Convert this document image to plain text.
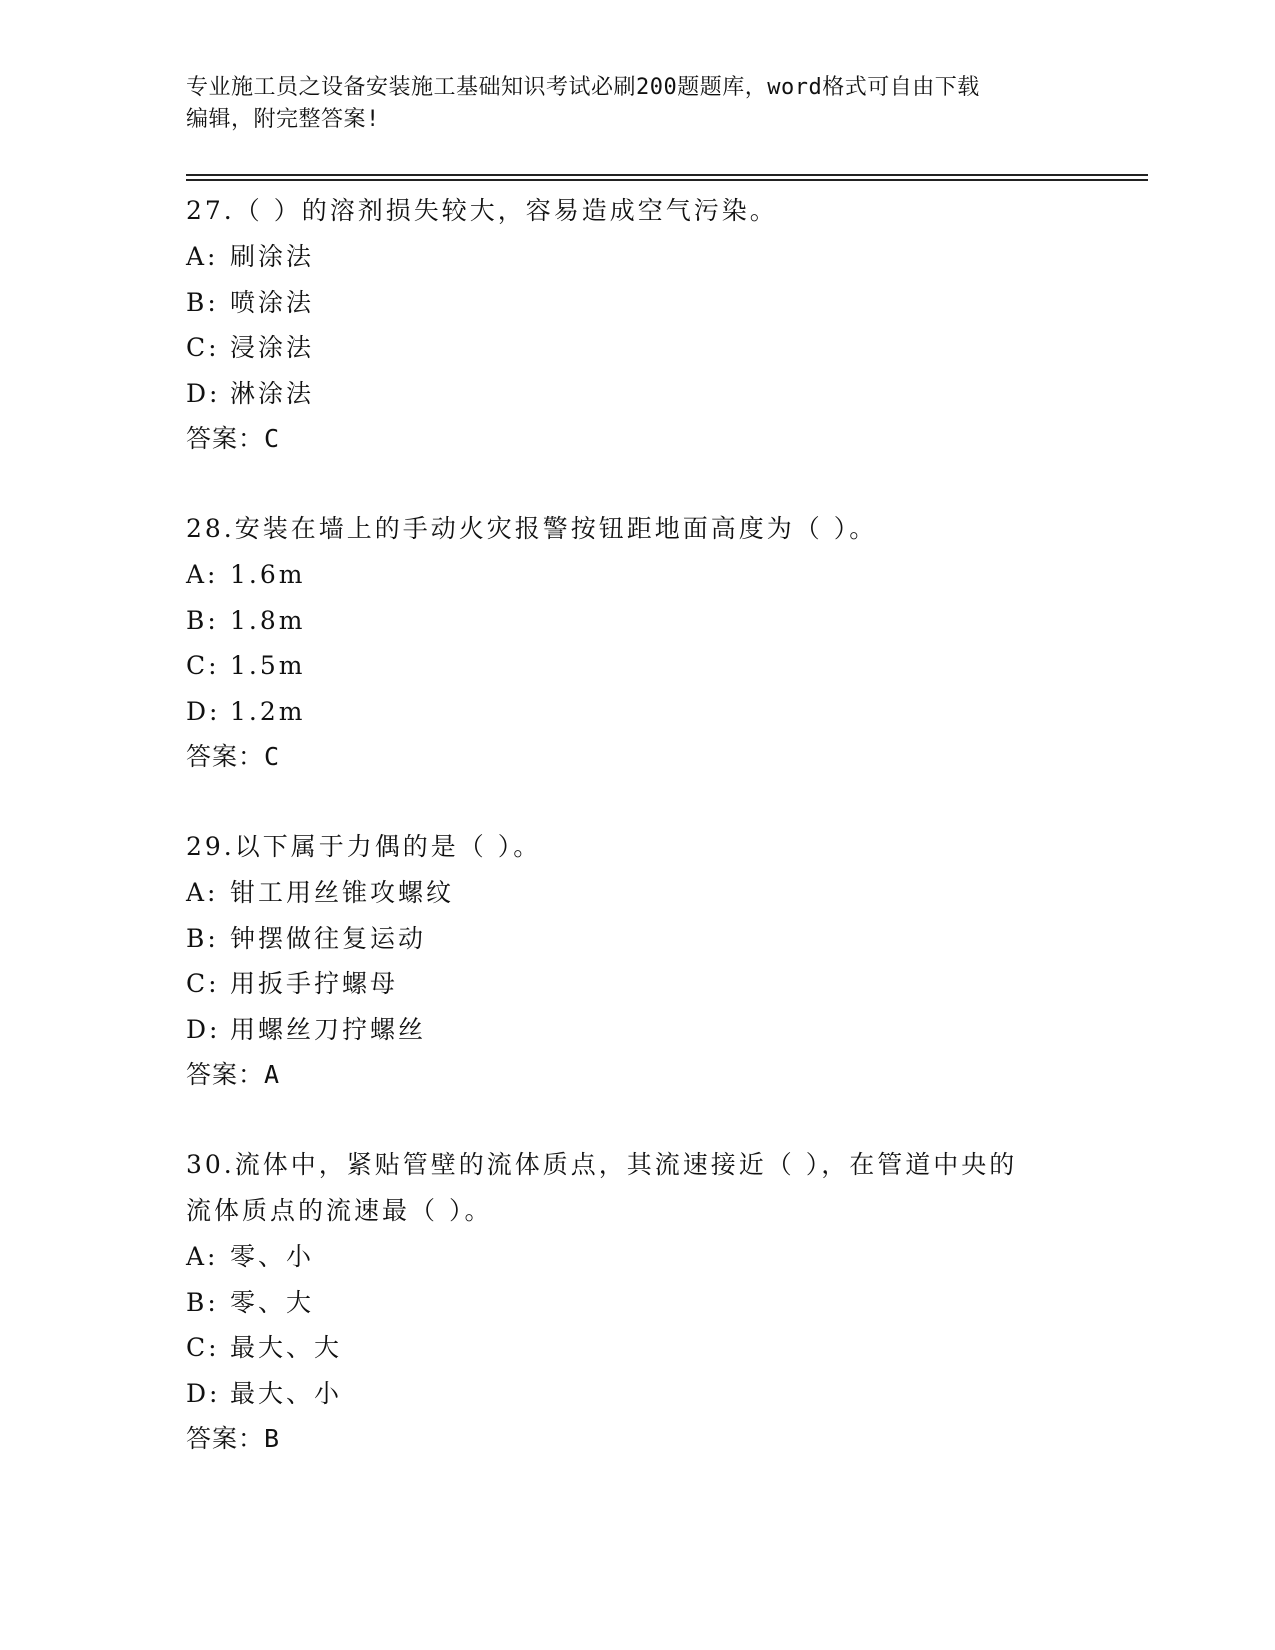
专业施工员之设备安装施工基础知识考试必刷200题题库，word格式可自由下载
编辑，附完整答案!

27.（ ）的溶剂损失较大，容易造成空气污染。

A: 刷涂法

B: 喷涂法

C: 浸涂法

D: 淋涂法

答案：C

28.安装在墙上的手动火灾报警按钮距地面高度为（ ）。

A: 1.6m

B: 1.8m

C: 1.5m

D: 1.2m

答案：C

29.以下属于力偶的是（ ）。

A: 钳工用丝锥攻螺纹

B: 钟摆做往复运动

C: 用扳手拧螺母

D: 用螺丝刀拧螺丝

答案：A

30.流体中，紧贴管壁的流体质点，其流速接近（ ），在管道中央的

流体质点的流速最（ ）。

A: 零、小

B: 零、大

C: 最大、大

D: 最大、小

答案：B
